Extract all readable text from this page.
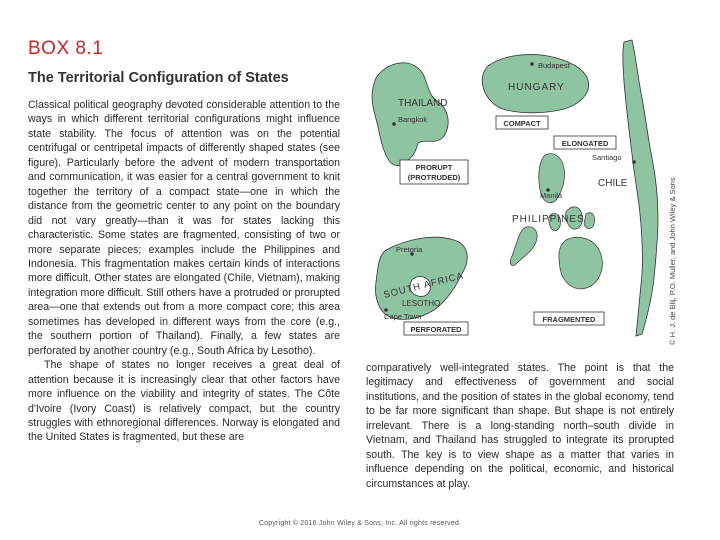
BOX 8.1
The Territorial Configuration of States

Classical political geography devoted considerable attention to the ways in which different territorial configurations might influence state stability. The focus of attention was on the potential centrifugal or centripetal impacts of differently shaped states (see figure). Particularly before the advent of modern transportation and communication, it was easier for a central government to knit together the territory of a compact state—one in which the distance from the geometric center to any point on the boundary did not vary greatly—than it was for states lacking this characteristic. Some states are fragmented, consisting of two or more separate pieces; examples include the Philippines and Indonesia. This fragmentation makes certain kinds of interactions more difficult. Other states are elongated (Chile, Vietnam), making integration more difficult. Still others have a protruded or prorupted area—one that extends out from a more compact core; this area sometimes has developed in different ways from the core (e.g., the southern portion of Thailand). Finally, a few states are perforated by another country (e.g., South Africa by Lesotho).

The shape of states no longer receives a great deal of attention because it is increasingly clear that other factors have more influence on the viability and integrity of states. The Côte d'Ivoire (Ivory Coast) is relatively compact, but the country struggles with ethnoregional differences. Norway is elongated and the United States is fragmented, but these are

THAILAND
Bangkok
HUNGARY
Budapest
CHILE
Santiago
PHILIPPINES
Manila
SOUTH AFRICA
Pretoria
LESOTHO
Cape Town
COMPACT
ELONGATED
PRORUPT
(PROTRUDED)
PERFORATED
FRAGMENTED	© H. J. de Blij, P.O. Muller, and John Wiley & Sons

comparatively well-integrated states. The point is that the legitimacy and effectiveness of government and social institutions, and the position of states in the global economy, tend to be far more significant than shape. But shape is not entirely irrelevant. There is a long-standing north–south divide in Vietnam, and Thailand has struggled to integrate its prorupted south. The key is to view shape as a matter that varies in influence depending on the political, economic, and historical circumstances at play.

Copyright © 2016 John Wiley & Sons, Inc. All rights reserved.
